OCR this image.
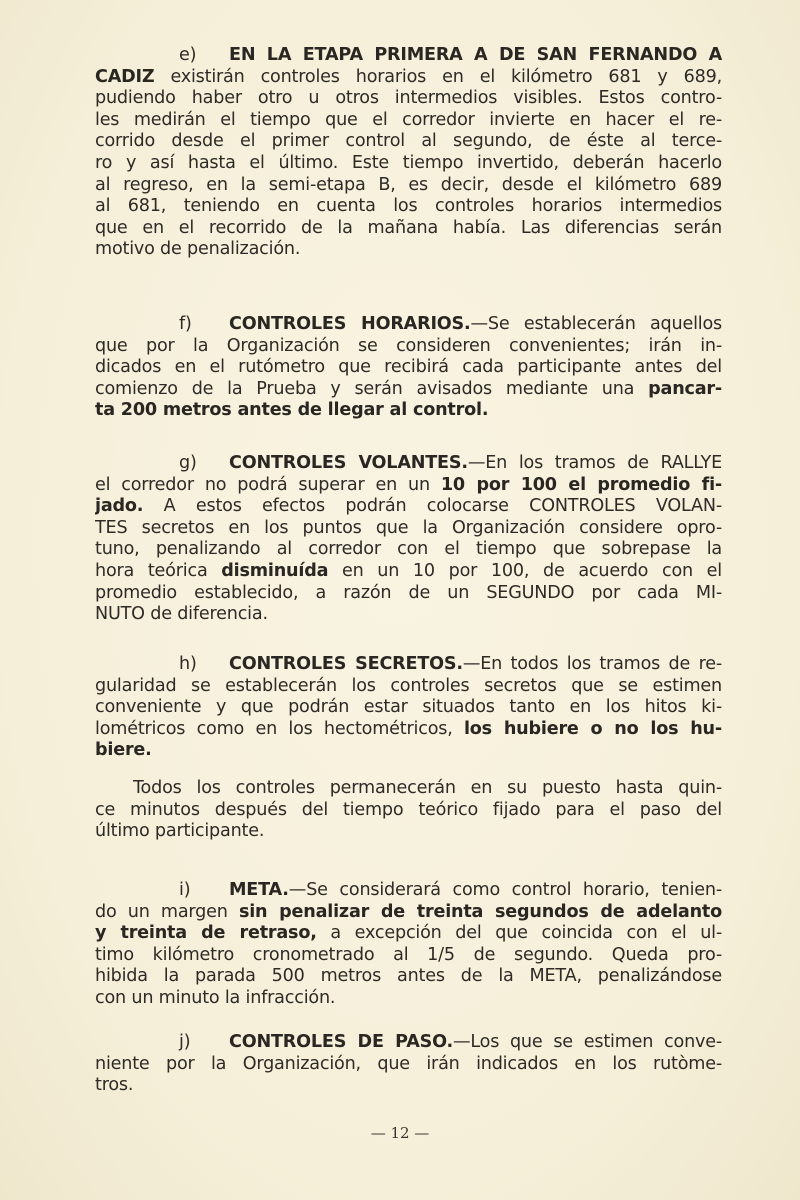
e) EN LA ETAPA PRIMERA A DE SAN FERNANDO A
CADIZ existirán controles horarios en el kilómetro 681 y 689,
pudiendo haber otro u otros intermedios visibles. Estos contro-
les medirán el tiempo que el corredor invierte en hacer el re-
corrido desde el primer control al segundo, de éste al terce-
ro y así hasta el último. Este tiempo invertido, deberán hacerlo
al regreso, en la semi-etapa B, es decir, desde el kilómetro 689
al 681, teniendo en cuenta los controles horarios intermedios
que en el recorrido de la mañana había. Las diferencias serán
motivo de penalización.
f) CONTROLES HORARIOS.—Se establecerán aquellos
que por la Organización se consideren convenientes; irán in-
dicados en el rutómetro que recibirá cada participante antes del
comienzo de la Prueba y serán avisados mediante una pancar-
ta 200 metros antes de llegar al control.
g) CONTROLES VOLANTES.—En los tramos de RALLYE
el corredor no podrá superar en un 10 por 100 el promedio fi-
jado. A estos efectos podrán colocarse CONTROLES VOLAN-
TES secretos en los puntos que la Organización considere opro-
tuno, penalizando al corredor con el tiempo que sobrepase la
hora teórica disminuída en un 10 por 100, de acuerdo con el
promedio establecido, a razón de un SEGUNDO por cada MI-
NUTO de diferencia.
h) CONTROLES SECRETOS.—En todos los tramos de re-
gularidad se establecerán los controles secretos que se estimen
conveniente y que podrán estar situados tanto en los hitos ki-
lométricos como en los hectométricos, los hubiere o no los hu-
biere.
Todos los controles permanecerán en su puesto hasta quin-
ce minutos después del tiempo teórico fijado para el paso del
último participante.
i) META.—Se considerará como control horario, tenien-
do un margen sin penalizar de treinta segundos de adelanto
y treinta de retraso, a excepción del que coincida con el ul-
timo kilómetro cronometrado al 1/5 de segundo. Queda pro-
hibida la parada 500 metros antes de la META, penalizándose
con un minuto la infracción.
j) CONTROLES DE PASO.—Los que se estimen conve-
niente por la Organización, que irán indicados en los rutòme-
tros.
— 12 —
